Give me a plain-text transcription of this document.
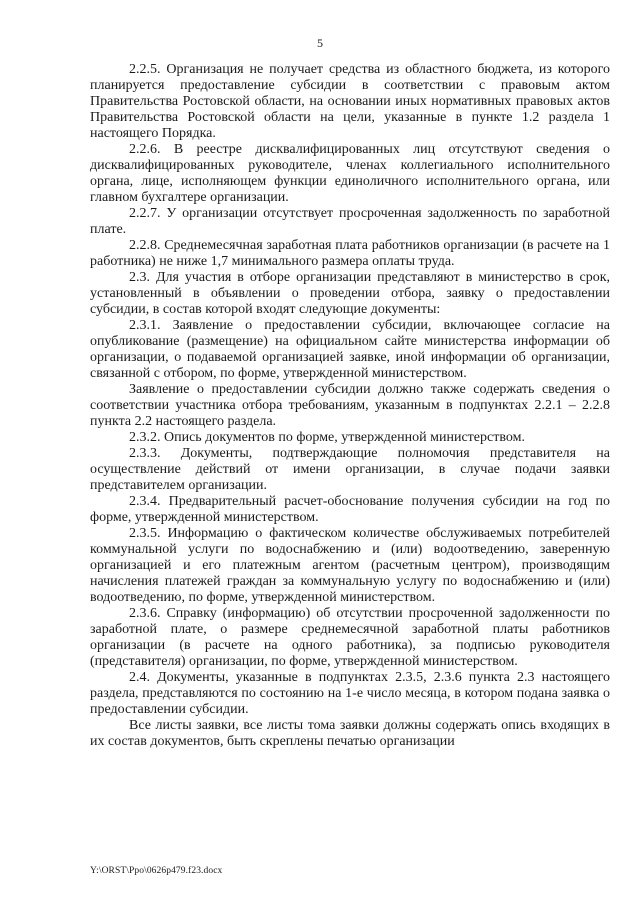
5

2.2.5. Организация не получает средства из областного бюджета, из которого планируется предоставление субсидии в соответствии с правовым актом Правительства Ростовской области, на основании иных нормативных правовых актов Правительства Ростовской области на цели, указанные в пункте 1.2 раздела 1 настоящего Порядка.

2.2.6. В реестре дисквалифицированных лиц отсутствуют сведения о дисквалифицированных руководителе, членах коллегиального исполнительного органа, лице, исполняющем функции единоличного исполнительного органа, или главном бухгалтере организации.

2.2.7. У организации отсутствует просроченная задолженность по заработной плате.

2.2.8. Среднемесячная заработная плата работников организации (в расчете на 1 работника) не ниже 1,7 минимального размера оплаты труда.

2.3. Для участия в отборе организации представляют в министерство в срок, установленный в объявлении о проведении отбора, заявку о предоставлении субсидии, в состав которой входят следующие документы:

2.3.1. Заявление о предоставлении субсидии, включающее согласие на опубликование (размещение) на официальном сайте министерства информации об организации, о подаваемой организацией заявке, иной информации об организации, связанной с отбором, по форме, утвержденной министерством.

Заявление о предоставлении субсидии должно также содержать сведения о соответствии участника отбора требованиям, указанным в подпунктах 2.2.1 – 2.2.8 пункта 2.2 настоящего раздела.

2.3.2. Опись документов по форме, утвержденной министерством.

2.3.3. Документы, подтверждающие полномочия представителя на осуществление действий от имени организации, в случае подачи заявки представителем организации.

2.3.4. Предварительный расчет-обоснование получения субсидии на год по форме, утвержденной министерством.

2.3.5. Информацию о фактическом количестве обслуживаемых потребителей коммунальной услуги по водоснабжению и (или) водоотведению, заверенную организацией и его платежным агентом (расчетным центром), производящим начисления платежей граждан за коммунальную услугу по водоснабжению и (или) водоотведению, по форме, утвержденной министерством.

2.3.6. Справку (информацию) об отсутствии просроченной задолженности по заработной плате, о размере среднемесячной заработной платы работников организации (в расчете на одного работника), за подписью руководителя (представителя) организации, по форме, утвержденной министерством.

2.4. Документы, указанные в подпунктах 2.3.5, 2.3.6 пункта 2.3 настоящего раздела, представляются по состоянию на 1-е число месяца, в котором подана заявка о предоставлении субсидии.

Все листы заявки, все листы тома заявки должны содержать опись входящих в их состав документов, быть скреплены печатью организации

Y:\ORST\Ppo\0626p479.f23.docx
